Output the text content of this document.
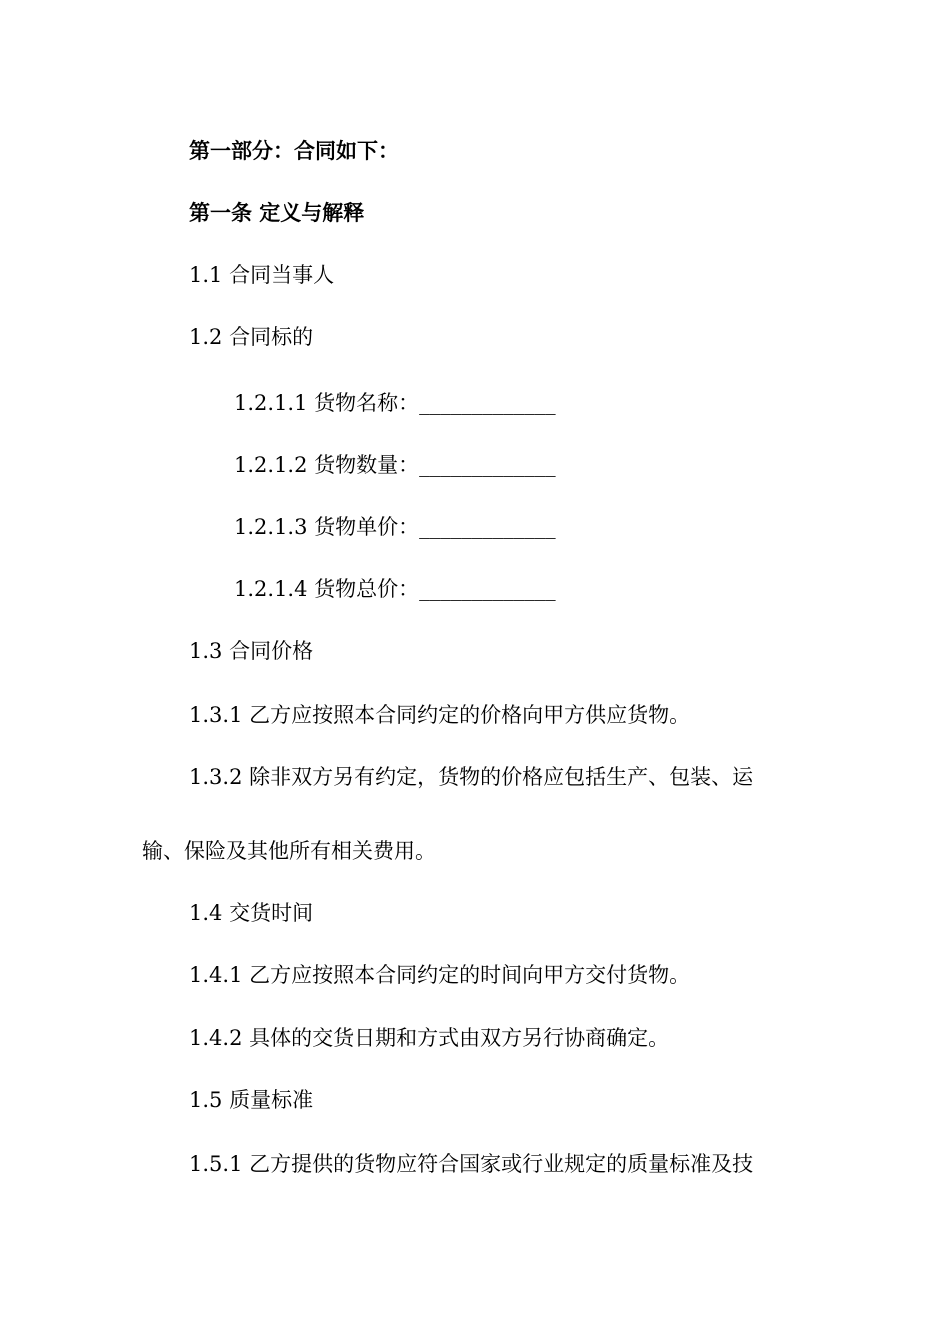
第一部分：合同如下：

第一条 定义与解释

1.1 合同当事人

1.2 合同标的

1.2.1.1 货物名称：_____________

1.2.1.2 货物数量：_____________

1.2.1.3 货物单价：_____________

1.2.1.4 货物总价：_____________

1.3 合同价格

1.3.1 乙方应按照本合同约定的价格向甲方供应货物。

1.3.2 除非双方另有约定，货物的价格应包括生产、包装、运

输、保险及其他所有相关费用。

1.4 交货时间

1.4.1 乙方应按照本合同约定的时间向甲方交付货物。

1.4.2 具体的交货日期和方式由双方另行协商确定。

1.5 质量标准

1.5.1 乙方提供的货物应符合国家或行业规定的质量标准及技
